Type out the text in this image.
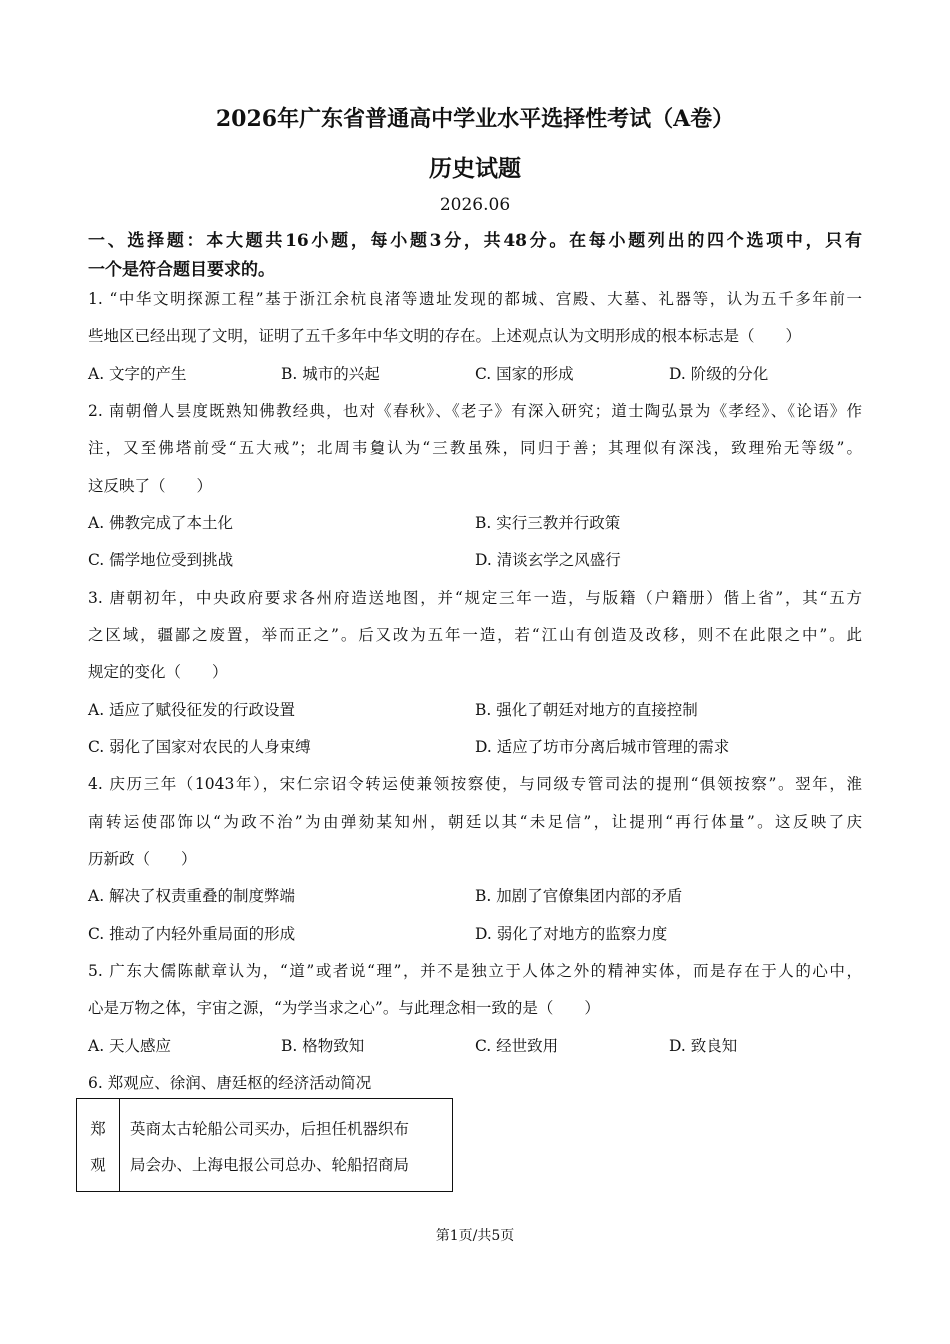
2026年广东省普通高中学业水平选择性考试（A卷）
历史试题
2026.06
一、选择题：本大题共16小题，每小题3分，共48分。在每小题列出的四个选项中，只有
一个是符合题目要求的。
1. “中华文明探源工程”基于浙江余杭良渚等遗址发现的都城、宫殿、大墓、礼器等，认为五千多年前一
些地区已经出现了文明，证明了五千多年中华文明的存在。上述观点认为文明形成的根本标志是（　　）
A. 文字的产生	B. 城市的兴起	C. 国家的形成	D. 阶级的分化
2. 南朝僧人昙度既熟知佛教经典，也对《春秋》、《老子》有深入研究；道士陶弘景为《孝经》、《论语》作
注，又至佛塔前受“五大戒”；北周韦敻认为“三教虽殊，同归于善；其理似有深浅，致理殆无等级”。
这反映了（　　）
A. 佛教完成了本土化	B. 实行三教并行政策
C. 儒学地位受到挑战	D. 清谈玄学之风盛行
3. 唐朝初年，中央政府要求各州府造送地图，并“规定三年一造，与版籍（户籍册）偕上省”，其“五方
之区域，疆鄙之废置，举而正之”。后又改为五年一造，若“江山有创造及改移，则不在此限之中”。此
规定的变化（　　）
A. 适应了赋役征发的行政设置	B. 强化了朝廷对地方的直接控制
C. 弱化了国家对农民的人身束缚	D. 适应了坊市分离后城市管理的需求
4. 庆历三年（1043年），宋仁宗诏令转运使兼领按察使，与同级专管司法的提刑“俱领按察”。翌年，淮
南转运使邵饰以“为政不治”为由弹劾某知州，朝廷以其“未足信”，让提刑“再行体量”。这反映了庆
历新政（　　）
A. 解决了权责重叠的制度弊端	B. 加剧了官僚集团内部的矛盾
C. 推动了内轻外重局面的形成	D. 弱化了对地方的监察力度
5. 广东大儒陈献章认为，“道”或者说“理”，并不是独立于人体之外的精神实体，而是存在于人的心中，
心是万物之体，宇宙之源，“为学当求之心”。与此理念相一致的是（　　）
A. 天人感应	B. 格物致知	C. 经世致用	D. 致良知
6. 郑观应、徐润、唐廷枢的经济活动简况
郑
观

英商太古轮船公司买办，后担任机器织布
局会办、上海电报公司总办、轮船招商局
第1页/共5页
